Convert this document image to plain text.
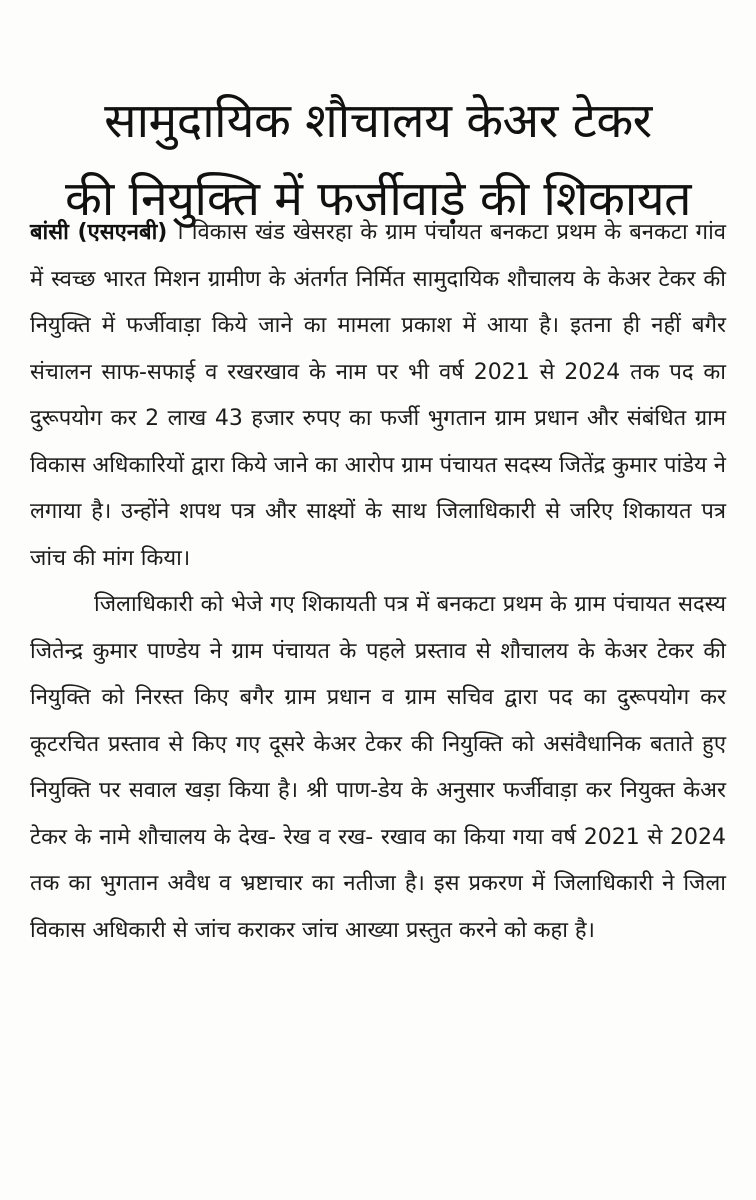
सामुदायिक शौचालय केअर टेकर
की नियुक्ति में फर्जीवाड़े की शिकायत

बांसी (एसएनबी) । विकास खंड खेसरहा के ग्राम पंचायत बनकटा प्रथम के बनकटा गांव में स्वच्छ भारत मिशन ग्रामीण के अंतर्गत निर्मित सामुदायिक शौचालय के केअर टेकर की नियुक्ति में फर्जीवाड़ा किये जाने का मामला प्रकाश में आया है। इतना ही नहीं बगैर संचालन साफ-सफाई व रखरखाव के नाम पर भी वर्ष 2021 से 2024 तक पद का दुरूपयोग कर 2 लाख 43 हजार रुपए का फर्जी भुगतान ग्राम प्रधान और संबंधित ग्राम विकास अधिकारियों द्वारा किये जाने का आरोप ग्राम पंचायत सदस्य जितेंद्र कुमार पांडेय ने लगाया है। उन्होंने शपथ पत्र और साक्ष्यों के साथ जिलाधिकारी से जरिए शिकायत पत्र जांच की मांग किया।

जिलाधिकारी को भेजे गए शिकायती पत्र में बनकटा प्रथम के ग्राम पंचायत सदस्य जितेन्द्र कुमार पाण्डेय ने ग्राम पंचायत के पहले प्रस्ताव से शौचालय के केअर टेकर की नियुक्ति को निरस्त किए बगैर ग्राम प्रधान व ग्राम सचिव द्वारा पद का दुरूपयोग कर कूटरचित प्रस्ताव से किए गए दूसरे केअर टेकर की नियुक्ति को असंवैधानिक बताते हुए नियुक्ति पर सवाल खड़ा किया है। श्री पाण-डेय के अनुसार फर्जीवाड़ा कर नियुक्त केअर टेकर के नामे शौचालय के देख- रेख व रख- रखाव का किया गया वर्ष 2021 से 2024 तक का भुगतान अवैध व भ्रष्टाचार का नतीजा है। इस प्रकरण में जिलाधिकारी ने जिला विकास अधिकारी से जांच कराकर जांच आख्या प्रस्तुत करने को कहा है।
